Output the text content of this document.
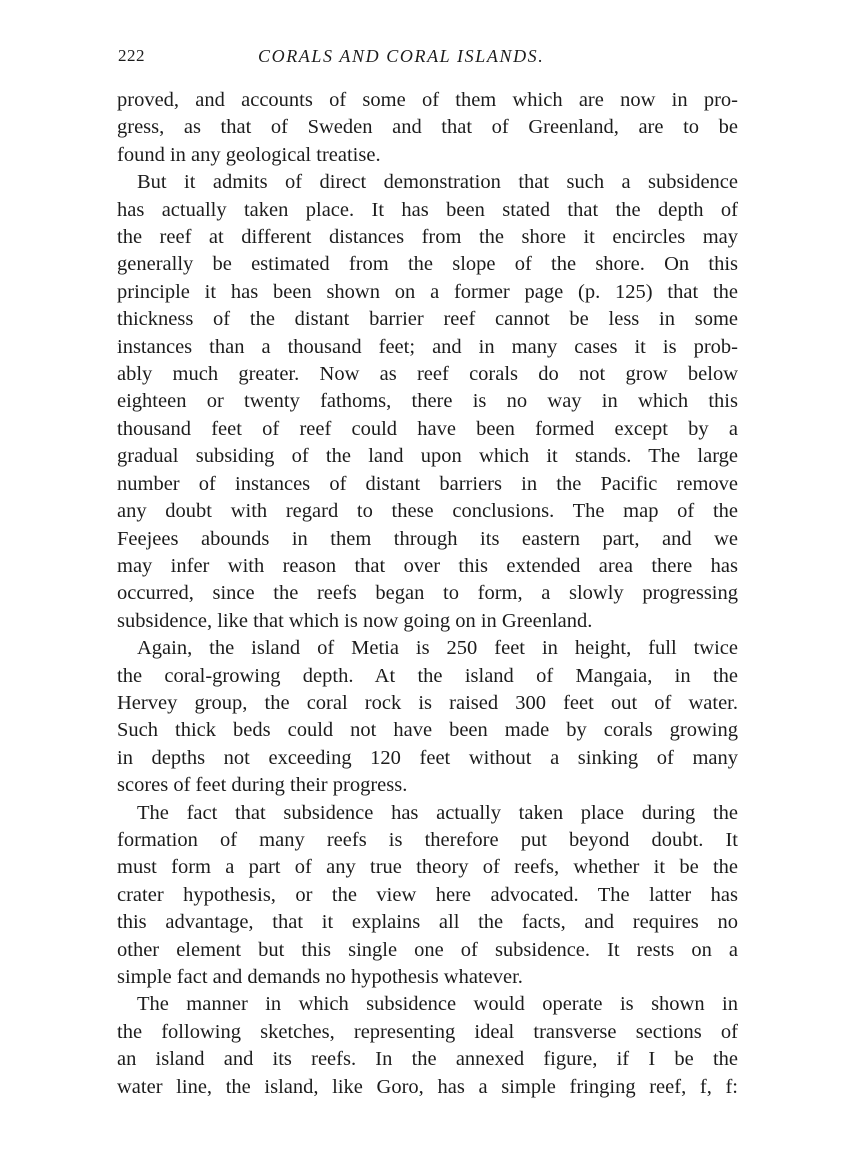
222	CORALS AND CORAL ISLANDS.

proved, and accounts of some of them which are now in pro-
gress, as that of Sweden and that of Greenland, are to be
found in any geological treatise.

But it admits of direct demonstration that such a subsidence
has actually taken place. It has been stated that the depth of
the reef at different distances from the shore it encircles may
generally be estimated from the slope of the shore. On this
principle it has been shown on a former page (p. 125) that the
thickness of the distant barrier reef cannot be less in some
instances than a thousand feet; and in many cases it is prob-
ably much greater. Now as reef corals do not grow below
eighteen or twenty fathoms, there is no way in which this
thousand feet of reef could have been formed except by a
gradual subsiding of the land upon which it stands. The large
number of instances of distant barriers in the Pacific remove
any doubt with regard to these conclusions. The map of the
Feejees abounds in them through its eastern part, and we
may infer with reason that over this extended area there has
occurred, since the reefs began to form, a slowly progressing
subsidence, like that which is now going on in Greenland.

Again, the island of Metia is 250 feet in height, full twice
the coral-growing depth. At the island of Mangaia, in the
Hervey group, the coral rock is raised 300 feet out of water.
Such thick beds could not have been made by corals growing
in depths not exceeding 120 feet without a sinking of many
scores of feet during their progress.

The fact that subsidence has actually taken place during the
formation of many reefs is therefore put beyond doubt. It
must form a part of any true theory of reefs, whether it be the
crater hypothesis, or the view here advocated. The latter has
this advantage, that it explains all the facts, and requires no
other element but this single one of subsidence. It rests on a
simple fact and demands no hypothesis whatever.

The manner in which subsidence would operate is shown in
the following sketches, representing ideal transverse sections of
an island and its reefs. In the annexed figure, if I be the
water line, the island, like Goro, has a simple fringing reef, f, f:
